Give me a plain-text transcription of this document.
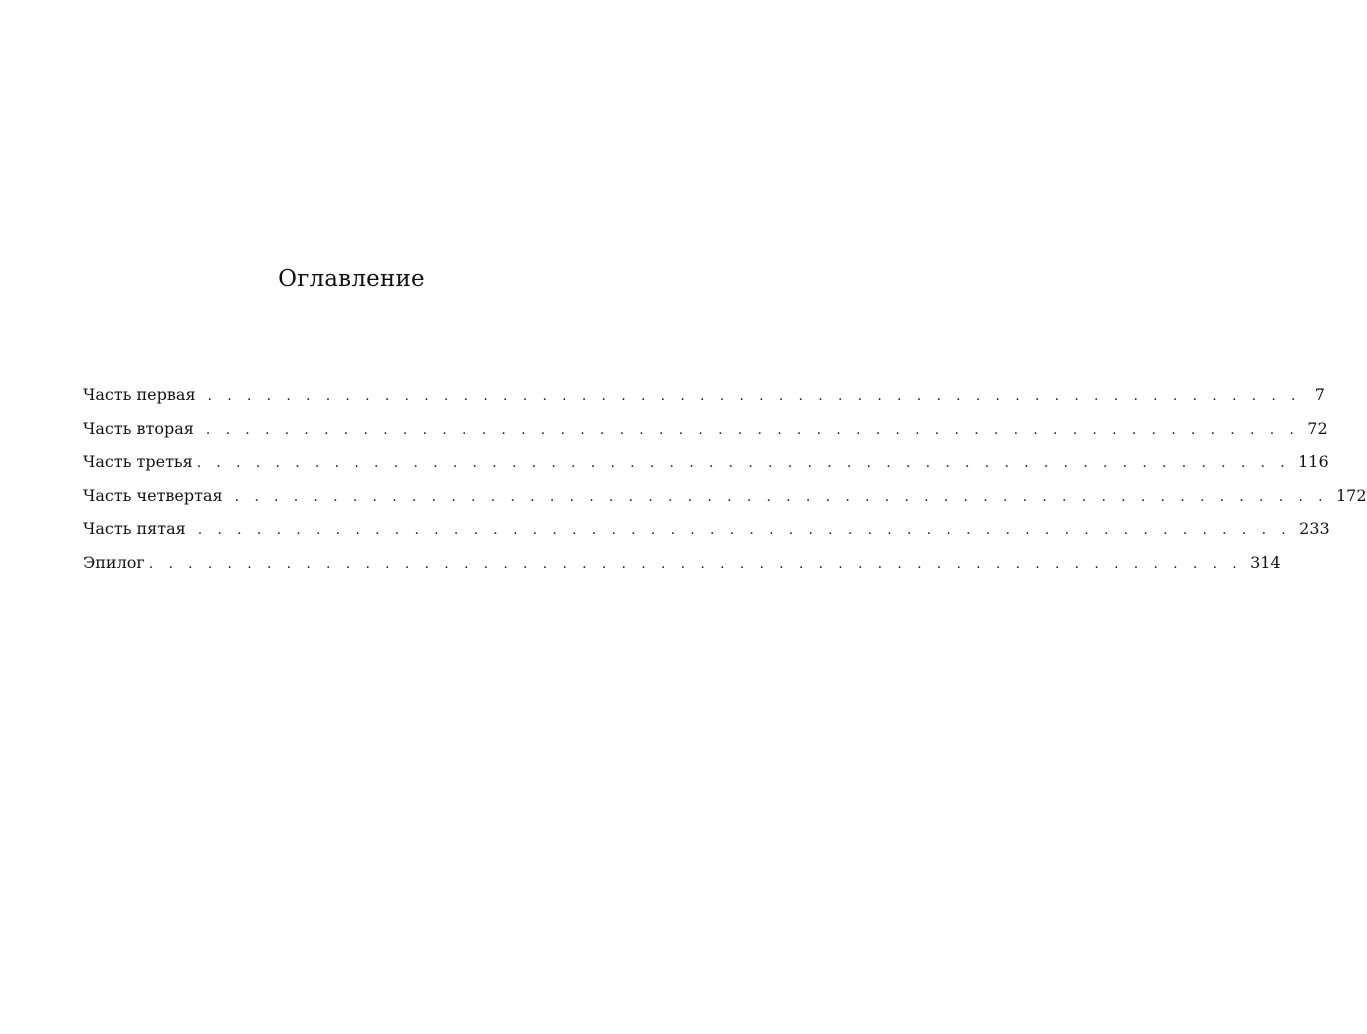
Оглавление
Часть первая . . . . . . . . . . . . . . . . . . . . . . . . . . . . . . . . . . . . . . . . . . . . . . . . . . . . . . . . 7
Часть вторая . . . . . . . . . . . . . . . . . . . . . . . . . . . . . . . . . . . . . . . . . . . . . . . . . . . . . . . . 72
Часть третья . . . . . . . . . . . . . . . . . . . . . . . . . . . . . . . . . . . . . . . . . . . . . . . . . . . . . . . . 116
Часть четвертая . . . . . . . . . . . . . . . . . . . . . . . . . . . . . . . . . . . . . . . . . . . . . . . . . . . . . . . . 172
Часть пятая . . . . . . . . . . . . . . . . . . . . . . . . . . . . . . . . . . . . . . . . . . . . . . . . . . . . . . . . 233
Эпилог . . . . . . . . . . . . . . . . . . . . . . . . . . . . . . . . . . . . . . . . . . . . . . . . . . . . . . . . 314
